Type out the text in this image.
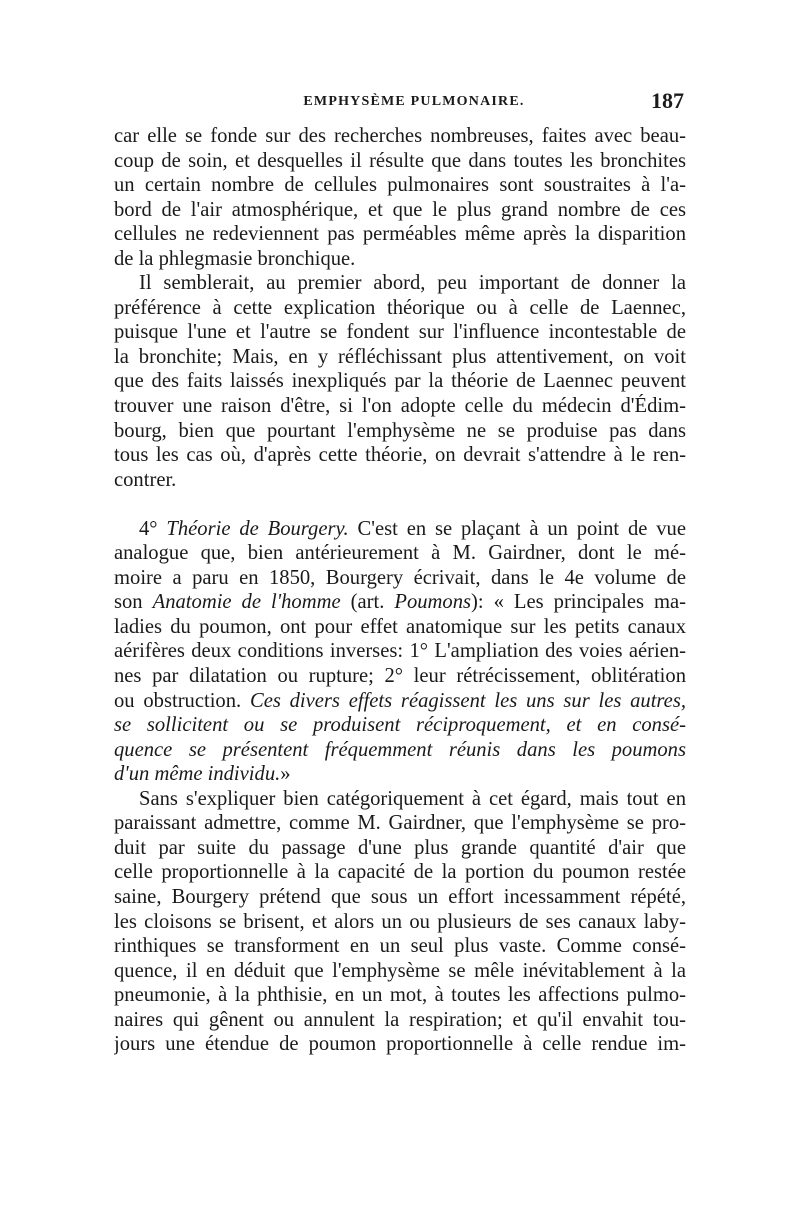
EMPHYSÈME PULMONAIRE.	187
car elle se fonde sur des recherches nombreuses, faites avec beau-
coup de soin, et desquelles il résulte que dans toutes les bronchites
un certain nombre de cellules pulmonaires sont soustraites à l'a-
bord de l'air atmosphérique, et que le plus grand nombre de ces
cellules ne redeviennent pas perméables même après la disparition
de la phlegmasie bronchique.
Il semblerait, au premier abord, peu important de donner la
préférence à cette explication théorique ou à celle de Laennec,
puisque l'une et l'autre se fondent sur l'influence incontestable de
la bronchite; Mais, en y réfléchissant plus attentivement, on voit
que des faits laissés inexpliqués par la théorie de Laennec peuvent
trouver une raison d'être, si l'on adopte celle du médecin d'Édim-
bourg, bien que pourtant l'emphysème ne se produise pas dans
tous les cas où, d'après cette théorie, on devrait s'attendre à le ren-
contrer.
4° Théorie de Bourgery. C'est en se plaçant à un point de vue
analogue que, bien antérieurement à M. Gairdner, dont le mé-
moire a paru en 1850, Bourgery écrivait, dans le 4e volume de
son Anatomie de l'homme (art. Poumons): « Les principales ma-
ladies du poumon, ont pour effet anatomique sur les petits canaux
aérifères deux conditions inverses: 1° L'ampliation des voies aérien-
nes par dilatation ou rupture; 2° leur rétrécissement, oblitération
ou obstruction. Ces divers effets réagissent les uns sur les autres,
se sollicitent ou se produisent réciproquement, et en consé-
quence se présentent fréquemment réunis dans les poumons
d'un même individu.»
Sans s'expliquer bien catégoriquement à cet égard, mais tout en
paraissant admettre, comme M. Gairdner, que l'emphysème se pro-
duit par suite du passage d'une plus grande quantité d'air que
celle proportionnelle à la capacité de la portion du poumon restée
saine, Bourgery prétend que sous un effort incessamment répété,
les cloisons se brisent, et alors un ou plusieurs de ses canaux laby-
rinthiques se transforment en un seul plus vaste. Comme consé-
quence, il en déduit que l'emphysème se mêle inévitablement à la
pneumonie, à la phthisie, en un mot, à toutes les affections pulmo-
naires qui gênent ou annulent la respiration; et qu'il envahit tou-
jours une étendue de poumon proportionnelle à celle rendue im-
